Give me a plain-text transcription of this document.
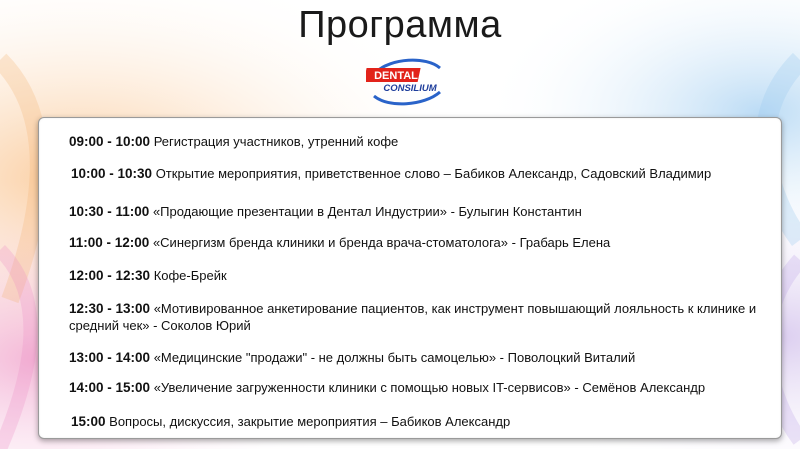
Программа
DENTAL
CONSILIUM
09:00 - 10:00 Регистрация участников, утренний кофе
10:00 - 10:30 Открытие мероприятия, приветственное слово – Бабиков Александр, Садовский Владимир
10:30 - 11:00 «Продающие презентации в Дентал Индустрии» - Булыгин Константин
11:00 - 12:00 «Синергизм бренда клиники и бренда врача-стоматолога» - Грабарь Елена
12:00 - 12:30 Кофе-Брейк
12:30 - 13:00 «Мотивированное анкетирование пациентов, как инструмент повышающий лояльность к клинике и средний чек» - Соколов Юрий
13:00 - 14:00 «Медицинские "продажи" - не должны быть самоцелью» - Поволоцкий Виталий
14:00 - 15:00 «Увеличение загруженности клиники с помощью новых IT-сервисов» - Семёнов Александр
15:00 Вопросы, дискуссия, закрытие мероприятия – Бабиков Александр
